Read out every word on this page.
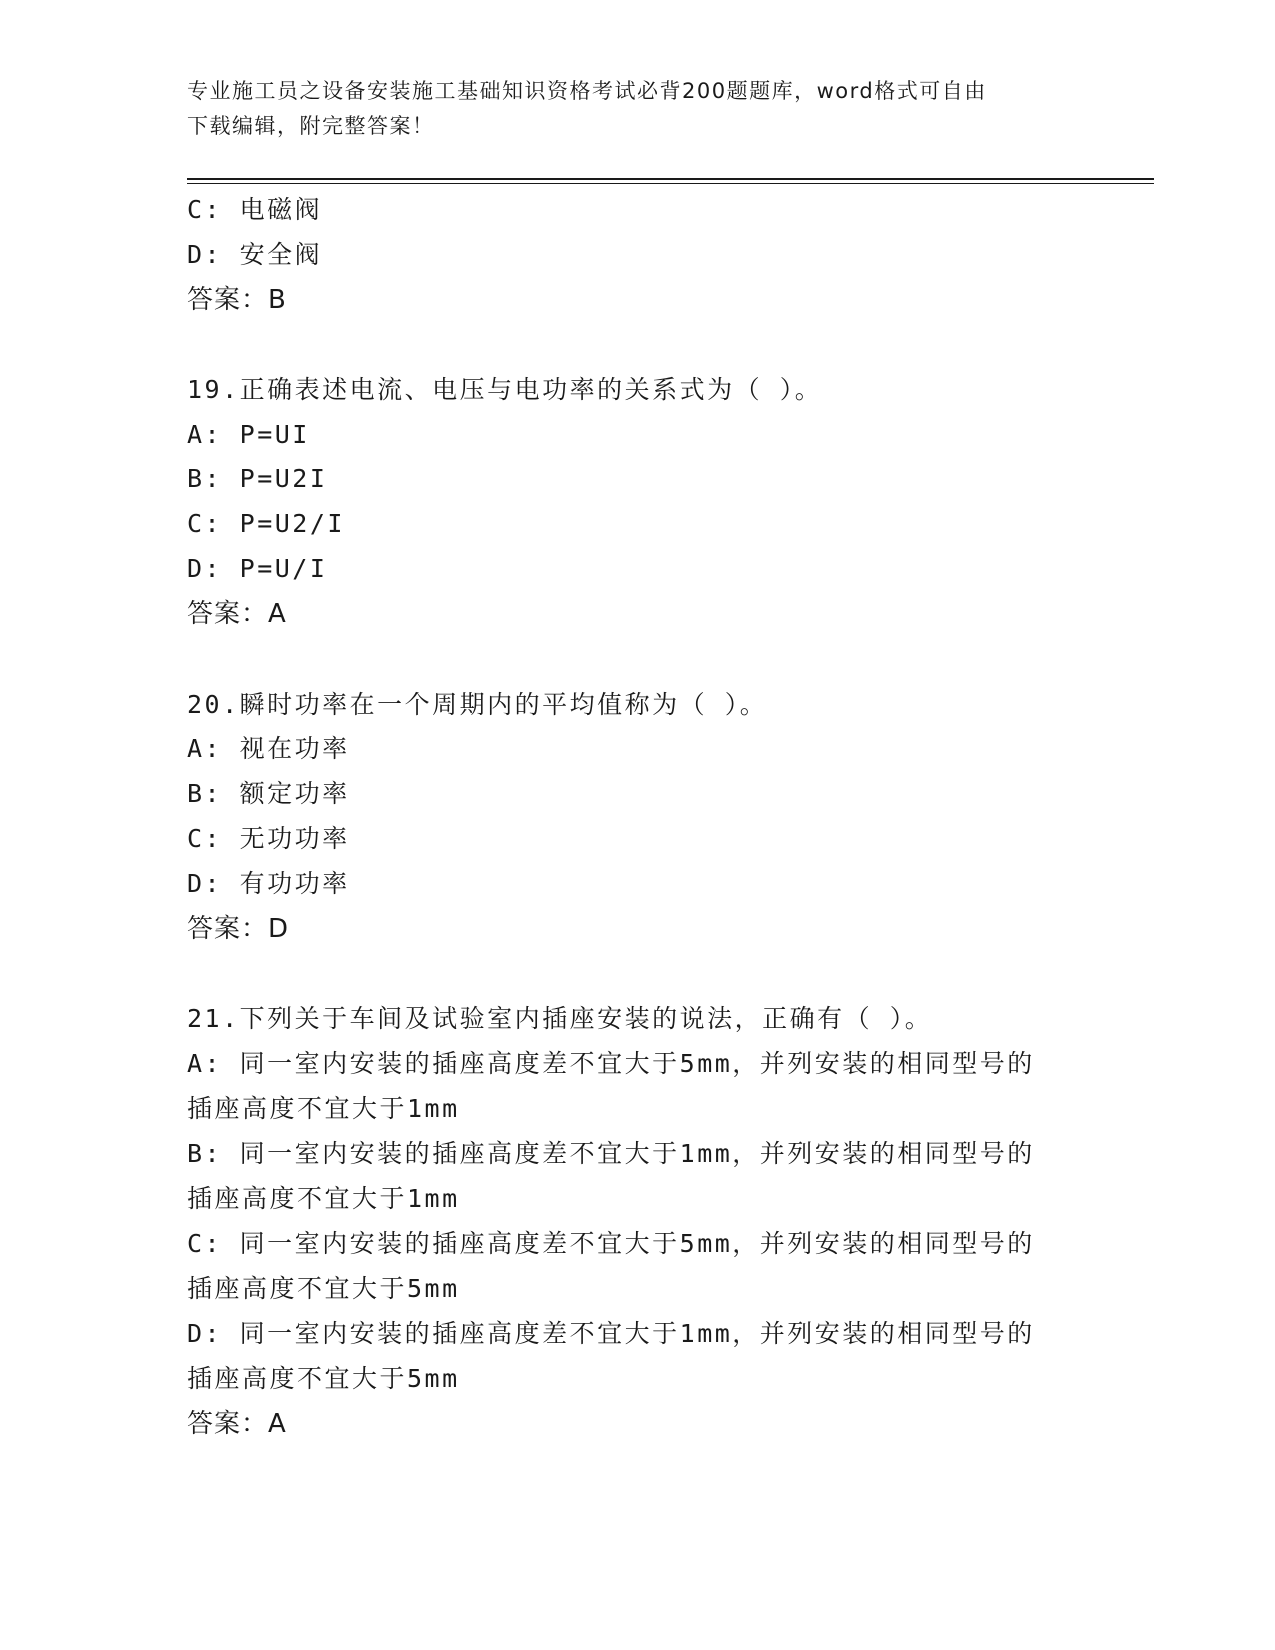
专业施工员之设备安装施工基础知识资格考试必背200题题库，word格式可自由
下载编辑，附完整答案！
C: 电磁阀
D: 安全阀
答案：B
19.正确表述电流、电压与电功率的关系式为（ ）。
A: P=UI
B: P=U2I
C: P=U2/I
D: P=U/I
答案：A
20.瞬时功率在一个周期内的平均值称为（ ）。
A: 视在功率
B: 额定功率
C: 无功功率
D: 有功功率
答案：D
21.下列关于车间及试验室内插座安装的说法，正确有（ ）。
A: 同一室内安装的插座高度差不宜大于5mm，并列安装的相同型号的
插座高度不宜大于1mm
B: 同一室内安装的插座高度差不宜大于1mm，并列安装的相同型号的
插座高度不宜大于1mm
C: 同一室内安装的插座高度差不宜大于5mm，并列安装的相同型号的
插座高度不宜大于5mm
D: 同一室内安装的插座高度差不宜大于1mm，并列安装的相同型号的
插座高度不宜大于5mm
答案：A
